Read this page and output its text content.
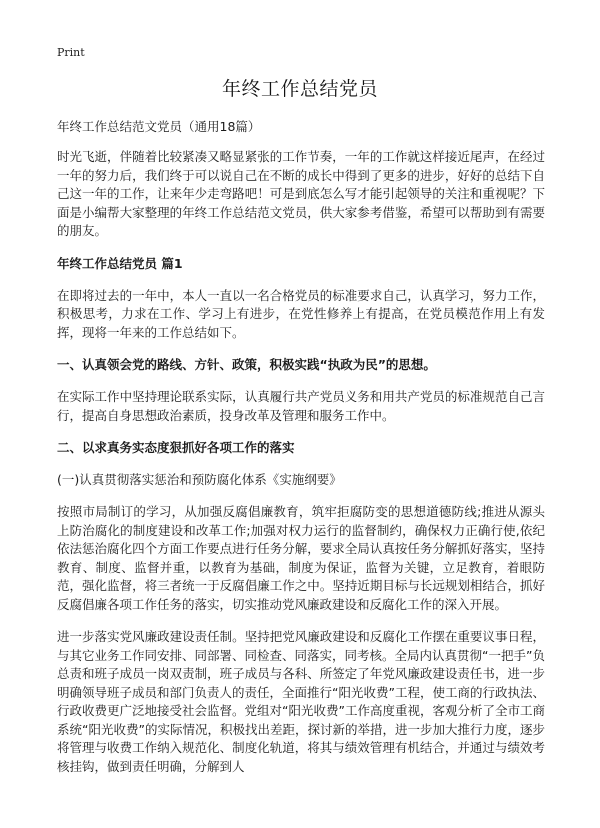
Print
年终工作总结党员

年终工作总结范文党员（通用18篇）

时光飞逝，伴随着比较紧凑又略显紧张的工作节奏，一年的工作就这样接近尾声，在经过一年的努力后，我们终于可以说自己在不断的成长中得到了更多的进步，好好的总结下自己这一年的工作，让来年少走弯路吧！可是到底怎么写才能引起领导的关注和重视呢？下面是小编帮大家整理的年终工作总结范文党员，供大家参考借鉴，希望可以帮助到有需要的朋友。

年终工作总结党员 篇1

在即将过去的一年中，本人一直以一名合格党员的标准要求自己，认真学习，努力工作，积极思考，力求在工作、学习上有进步，在党性修养上有提高，在党员模范作用上有发挥，现将一年来的工作总结如下。

一、认真领会党的路线、方针、政策，积极实践“执政为民”的思想。

在实际工作中坚持理论联系实际，认真履行共产党员义务和用共产党员的标准规范自己言行，提高自身思想政治素质，投身改革及管理和服务工作中。

二、以求真务实态度狠抓好各项工作的落实

(一)认真贯彻落实惩治和预防腐化体系《实施纲要》

按照市局制订的学习，从加强反腐倡廉教育，筑牢拒腐防变的思想道德防线;推进从源头上防治腐化的制度建设和改革工作;加强对权力运行的监督制约，确保权力正确行使,依纪依法惩治腐化四个方面工作要点进行任务分解，要求全局认真按任务分解抓好落实，坚持教育、制度、监督并重，以教育为基础，制度为保证，监督为关键，立足教育，着眼防范，强化监督，将三者统一于反腐倡廉工作之中。坚持近期目标与长远规划相结合，抓好反腐倡廉各项工作任务的落实，切实推动党风廉政建设和反腐化工作的深入开展。

进一步落实党风廉政建设责任制。坚持把党风廉政建设和反腐化工作摆在重要议事日程，与其它业务工作同安排、同部署、同检查、同落实，同考核。全局内认真贯彻“一把手”负总责和班子成员一岗双责制，班子成员与各科、所签定了年党风廉政建设责任书，进一步明确领导班子成员和部门负责人的责任，全面推行“阳光收费”工程，使工商的行政执法、行政收费更广泛地接受社会监督。党组对“阳光收费”工作高度重视，客观分析了全市工商系统“阳光收费”的实际情况，积极找出差距，探讨新的举措，进一步加大推行力度，逐步将管理与收费工作纳入规范化、制度化轨道，将其与绩效管理有机结合，并通过与绩效考核挂钩，做到责任明确，分解到人
